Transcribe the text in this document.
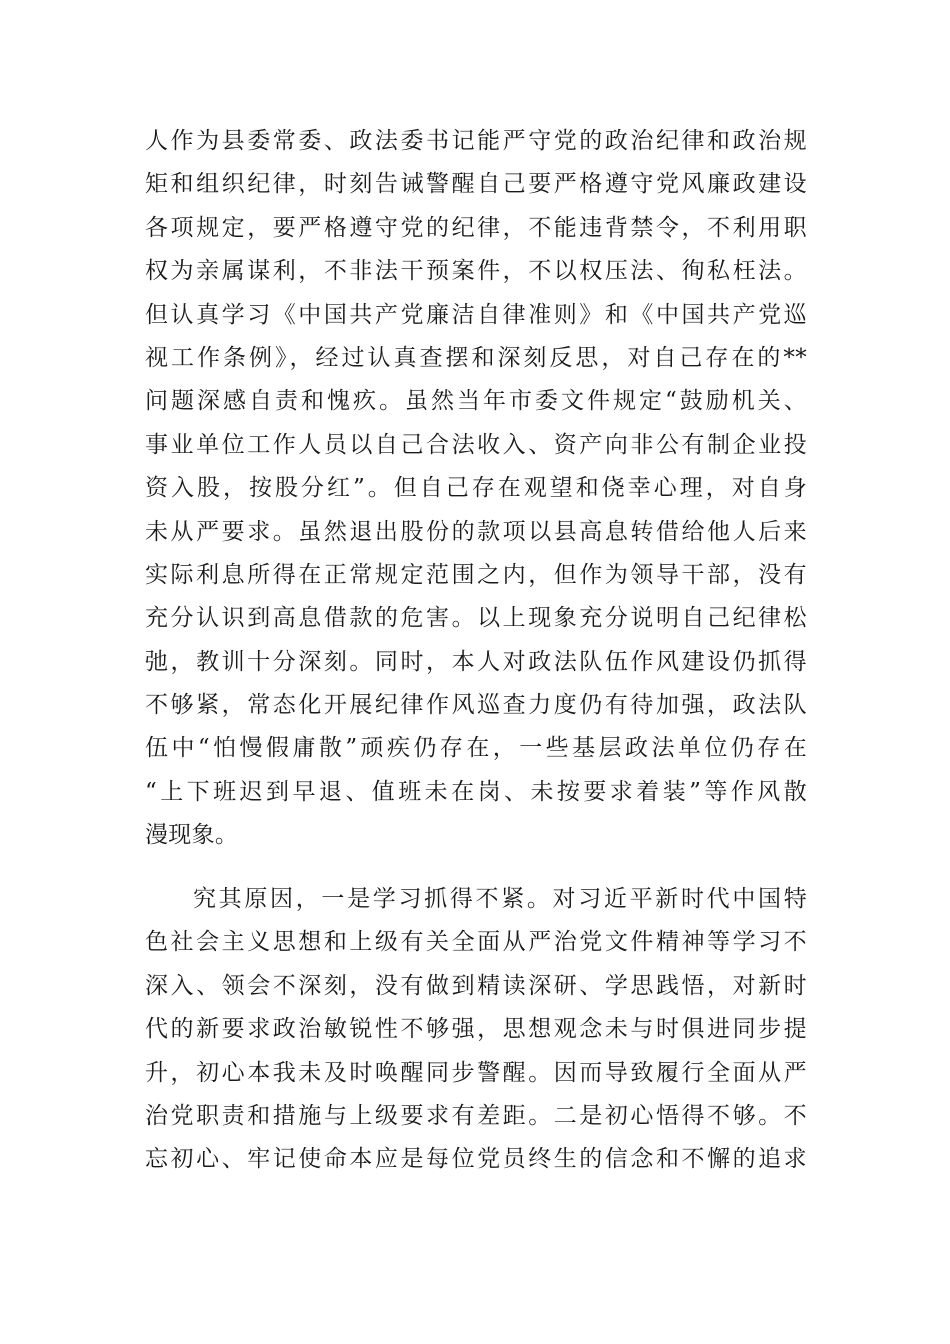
人作为县委常委、政法委书记能严守党的政治纪律和政治规
矩和组织纪律，时刻告诫警醒自己要严格遵守党风廉政建设
各项规定，要严格遵守党的纪律，不能违背禁令，不利用职
权为亲属谋利，不非法干预案件，不以权压法、徇私枉法。
但认真学习《中国共产党廉洁自律准则》和《中国共产党巡
视工作条例》，经过认真查摆和深刻反思，对自己存在的**
问题深感自责和愧疚。虽然当年市委文件规定“鼓励机关、
事业单位工作人员以自己合法收入、资产向非公有制企业投
资入股，按股分红”。但自己存在观望和侥幸心理，对自身
未从严要求。虽然退出股份的款项以县高息转借给他人后来
实际利息所得在正常规定范围之内，但作为领导干部，没有
充分认识到高息借款的危害。以上现象充分说明自己纪律松
弛，教训十分深刻。同时，本人对政法队伍作风建设仍抓得
不够紧，常态化开展纪律作风巡查力度仍有待加强，政法队
伍中“怕慢假庸散”顽疾仍存在，一些基层政法单位仍存在
“上下班迟到早退、值班未在岗、未按要求着装”等作风散
漫现象。
究其原因，一是学习抓得不紧。对习近平新时代中国特
色社会主义思想和上级有关全面从严治党文件精神等学习不
深入、领会不深刻，没有做到精读深研、学思践悟，对新时
代的新要求政治敏锐性不够强，思想观念未与时俱进同步提
升，初心本我未及时唤醒同步警醒。因而导致履行全面从严
治党职责和措施与上级要求有差距。二是初心悟得不够。不
忘初心、牢记使命本应是每位党员终生的信念和不懈的追求
